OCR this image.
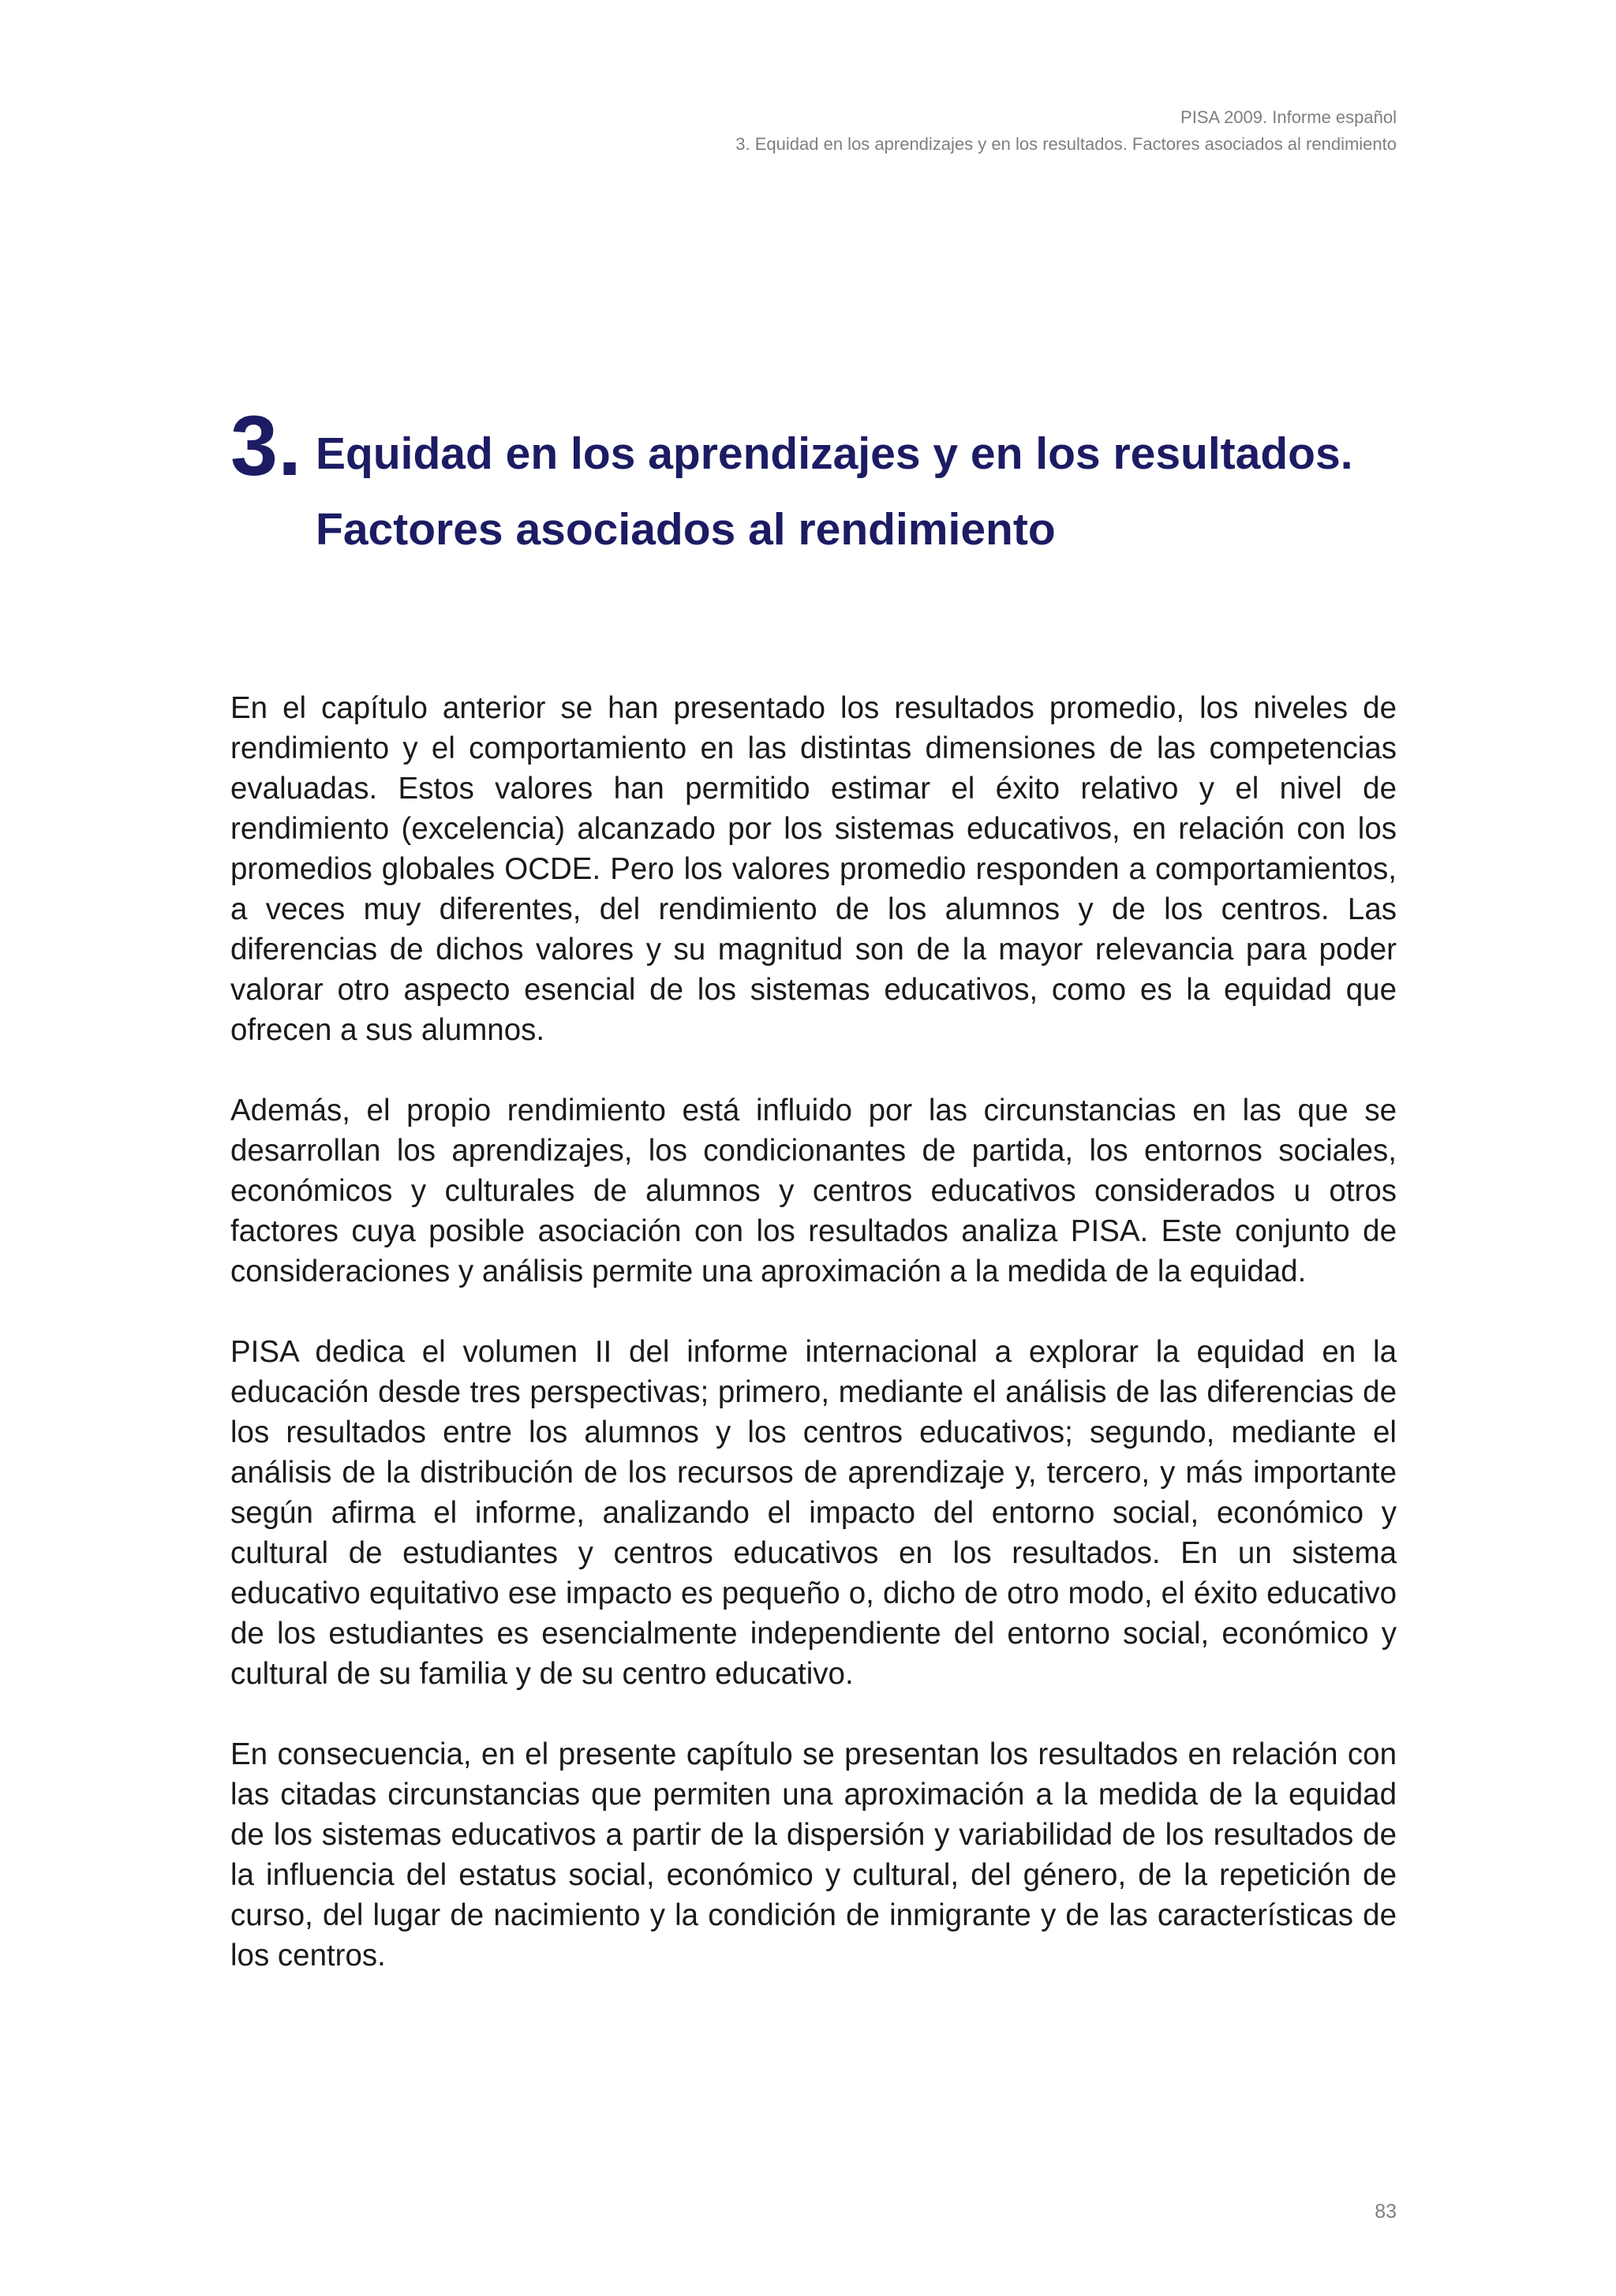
PISA 2009. Informe español
3. Equidad en los aprendizajes y en los resultados. Factores asociados al rendimiento
3. Equidad en los aprendizajes y en los resultados.
Factores asociados al rendimiento

En el capítulo anterior se han presentado los resultados promedio, los niveles de rendimiento y el comportamiento en las distintas dimensiones de las competencias evaluadas. Estos valores han permitido estimar el éxito relativo y el nivel de rendimiento (excelencia) alcanzado por los sistemas educativos, en relación con los promedios globales OCDE. Pero los valores promedio responden a comportamientos, a veces muy diferentes, del rendimiento de los alumnos y de los centros. Las diferencias de dichos valores y su magnitud son de la mayor relevancia para poder valorar otro aspecto esencial de los sistemas educativos, como es la equidad que ofrecen a sus alumnos.

Además, el propio rendimiento está influido por las circunstancias en las que se desarrollan los aprendizajes, los condicionantes de partida, los entornos sociales, económicos y culturales de alumnos y centros educativos considerados u otros factores cuya posible asociación con los resultados analiza PISA. Este conjunto de consideraciones y análisis permite una aproximación a la medida de la equidad.

PISA dedica el volumen II del informe internacional a explorar la equidad en la educación desde tres perspectivas; primero, mediante el análisis de las diferencias de los resultados entre los alumnos y los centros educativos; segundo, mediante el análisis de la distribución de los recursos de aprendizaje y, tercero, y más importante según afirma el informe, analizando el impacto del entorno social, económico y cultural de estudiantes y centros educativos en los resultados. En un sistema educativo equitativo ese impacto es pequeño o, dicho de otro modo, el éxito educativo de los estudiantes es esencialmente independiente del entorno social, económico y cultural de su familia y de su centro educativo.

En consecuencia, en el presente capítulo se presentan los resultados en relación con las citadas circunstancias que permiten una aproximación a la medida de la equidad de los sistemas educativos a partir de la dispersión y variabilidad de los resultados de la influencia del estatus social, económico y cultural, del género, de la repetición de curso, del lugar de nacimiento y la condición de inmigrante y de las características de los centros.

83
